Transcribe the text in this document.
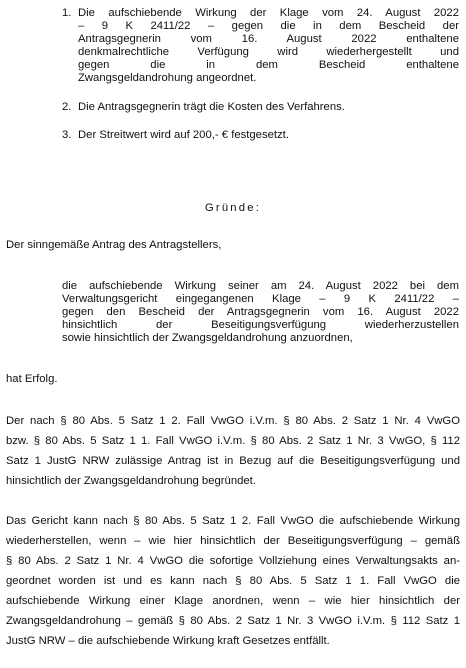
1. Die aufschiebende Wirkung der Klage vom 24. August 2022
– 9 K 2411/22 – gegen die in dem Bescheid der
Antragsgegnerin vom 16. August 2022 enthaltene
denkmalrechtliche Verfügung wird wiederhergestellt und
gegen die in dem Bescheid enthaltene
Zwangsgeldandrohung angeordnet.
2. Die Antragsgegnerin trägt die Kosten des Verfahrens.
3. Der Streitwert wird auf 200,- € festgesetzt.
Gründe:
Der sinngemäße Antrag des Antragstellers,
die aufschiebende Wirkung seiner am 24. August 2022 bei dem
Verwaltungsgericht eingegangenen Klage – 9 K 2411/22 –
gegen den Bescheid der Antragsgegnerin vom 16. August 2022
hinsichtlich der Beseitigungsverfügung wiederherzustellen
sowie hinsichtlich der Zwangsgeldandrohung anzuordnen,
hat Erfolg.
Der nach § 80 Abs. 5 Satz 1 2. Fall VwGO i.V.m. § 80 Abs. 2 Satz 1 Nr. 4 VwGO
bzw. § 80 Abs. 5 Satz 1 1. Fall VwGO i.V.m. § 80 Abs. 2 Satz 1 Nr. 3 VwGO, § 112
Satz 1 JustG NRW zulässige Antrag ist in Bezug auf die Beseitigungsverfügung und
hinsichtlich der Zwangsgeldandrohung begründet.
Das Gericht kann nach § 80 Abs. 5 Satz 1 2. Fall VwGO die aufschiebende Wirkung
wiederherstellen, wenn – wie hier hinsichtlich der Beseitigungsverfügung – gemäß
§ 80 Abs. 2 Satz 1 Nr. 4 VwGO die sofortige Vollziehung eines Verwaltungsakts an-
geordnet worden ist und es kann nach § 80 Abs. 5 Satz 1 1. Fall VwGO die
aufschiebende Wirkung einer Klage anordnen, wenn – wie hier hinsichtlich der
Zwangsgeldandrohung – gemäß § 80 Abs. 2 Satz 1 Nr. 3 VwGO i.V.m. § 112 Satz 1
JustG NRW – die aufschiebende Wirkung kraft Gesetzes entfällt.
